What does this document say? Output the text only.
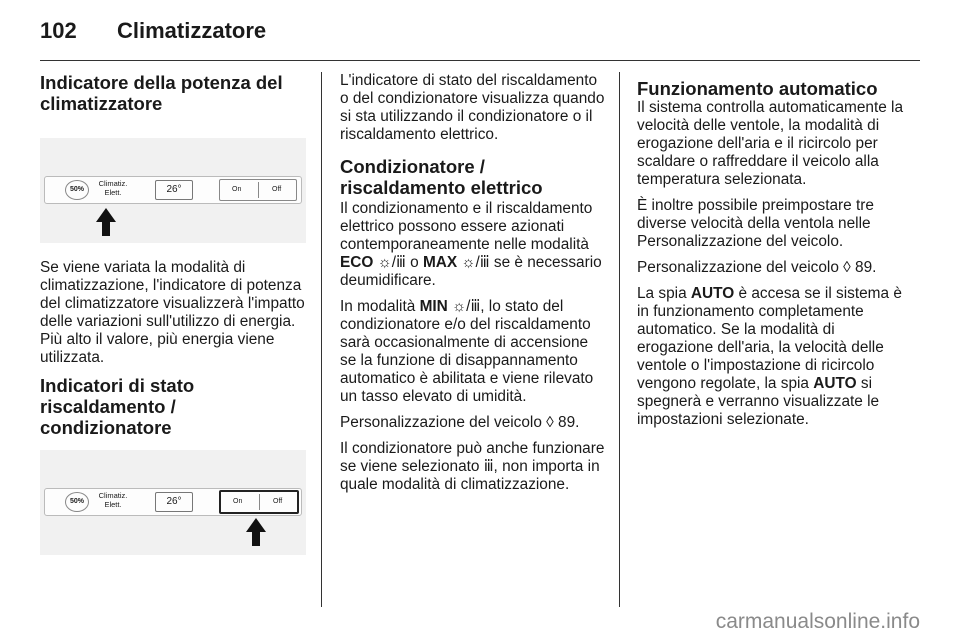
102 Climatizzatore
Indicatore della potenza del climatizzatore
50%
Climatiz. Elett.	26°	On	Off

Se viene variata la modalità di climatizzazione, l'indicatore di potenza del climatizzatore visualizzerà l'impatto delle variazioni sull'utilizzo di energia. Più alto il valore, più energia viene utilizzata.

Indicatori di stato riscaldamento / condizionatore
50%
Climatiz. Elett.	26°	On	Off

L'indicatore di stato del riscaldamento o del condizionatore visualizza quando si sta utilizzando il condizionatore o il riscaldamento elettrico.

Condizionatore / riscaldamento elettrico

Il condizionamento e il riscaldamento elettrico possono essere azionati contemporaneamente nelle modalità ECO ☼/ⅲ o MAX ☼/ⅲ se è necessario deumidificare.

In modalità MIN ☼/ⅲ, lo stato del condizionatore e/o del riscaldamento sarà occasionalmente di accensione se la funzione di disappannamento automatico è abilitata e viene rilevato un tasso elevato di umidità.

Personalizzazione del veicolo ◊ 89.

Il condizionatore può anche funzionare se viene selezionato ⅲ, non importa in quale modalità di climatizzazione.

Funzionamento automatico

Il sistema controlla automaticamente la velocità delle ventole, la modalità di erogazione dell'aria e il ricircolo per scaldare o raffreddare il veicolo alla temperatura selezionata.

È inoltre possibile preimpostare tre diverse velocità della ventola nelle Personalizzazione del veicolo.

Personalizzazione del veicolo ◊ 89.

La spia AUTO è accesa se il sistema è in funzionamento completamente automatico. Se la modalità di erogazione dell'aria, la velocità delle ventole o l'impostazione di ricircolo vengono regolate, la spia AUTO si spegnerà e verranno visualizzate le impostazioni selezionate.

carmanualsonline.info
